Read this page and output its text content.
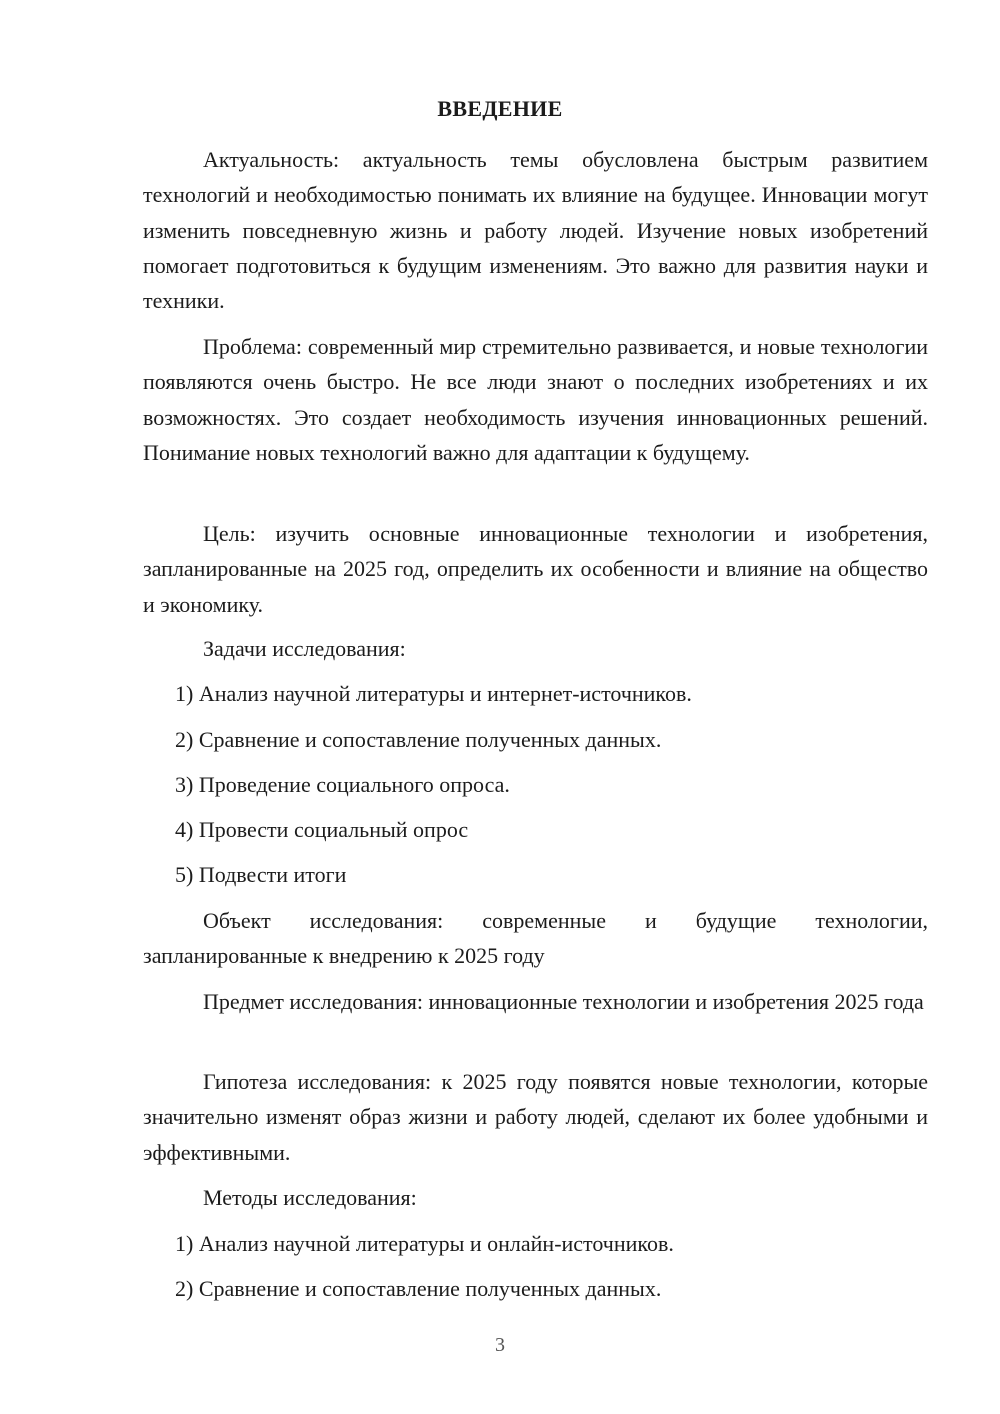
ВВЕДЕНИЕ
Актуальность: актуальность темы обусловлена быстрым развитием технологий и необходимостью понимать их влияние на будущее. Инновации могут изменить повседневную жизнь и работу людей. Изучение новых изобретений помогает подготовиться к будущим изменениям. Это важно для развития науки и техники.
Проблема: современный мир стремительно развивается, и новые технологии появляются очень быстро. Не все люди знают о последних изобретениях и их возможностях. Это создает необходимость изучения инновационных решений. Понимание новых технологий важно для адаптации к будущему.
Цель: изучить основные инновационные технологии и изобретения, запланированные на 2025 год, определить их особенности и влияние на общество и экономику.
Задачи исследования:
1) Анализ научной литературы и интернет-источников.
2) Сравнение и сопоставление полученных данных.
3) Проведение социального опроса.
4) Провести социальный опрос
5) Подвести итоги
Объект исследования: современные и будущие технологии, запланированные к внедрению к 2025 году
Предмет исследования: инновационные технологии и изобретения 2025 года
Гипотеза исследования: к 2025 году появятся новые технологии, которые значительно изменят образ жизни и работу людей, сделают их более удобными и эффективными.
Методы исследования:
1) Анализ научной литературы и онлайн-источников.
2) Сравнение и сопоставление полученных данных.
3
